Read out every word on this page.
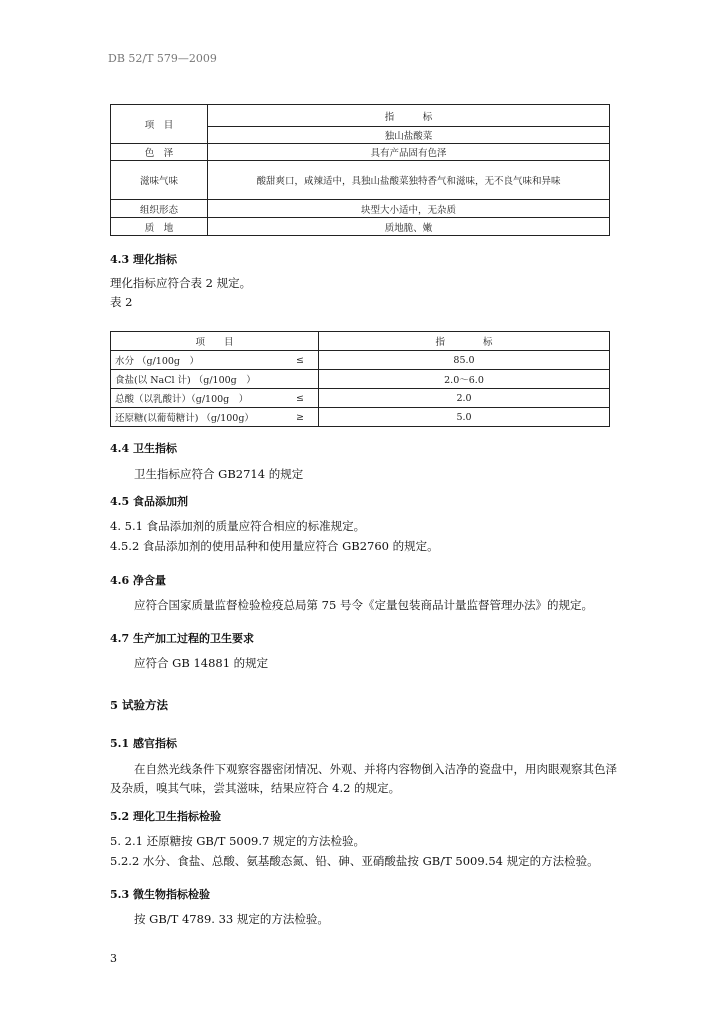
DB 52/T 579—2009
项　目	指　　　标
	独山盐酸菜
色　泽	具有产品固有色泽
滋味气味	酸甜爽口，咸辣适中，具独山盐酸菜独特香气和滋味，无不良气味和异味
组织形态	块型大小适中，无杂质
质　地	质地脆、嫩
4.3 理化指标
理化指标应符合表 2 规定。
表 2
项　　目		指　　　　标
水分 （g/100g　）	≤	85.0
食盐(以 NaCl 计) （g/100g　）		2.0～6.0
总酸（以乳酸计）（g/100g　）	≤	2.0
还原糖(以葡萄糖计) （g/100g）	≥	5.0
4.4 卫生指标
卫生指标应符合 GB2714 的规定
4.5 食品添加剂
4. 5.1 食品添加剂的质量应符合相应的标准规定。
4.5.2 食品添加剂的使用品种和使用量应符合 GB2760 的规定。
4.6 净含量
应符合国家质量监督检验检疫总局第 75 号令《定量包装商品计量监督管理办法》的规定。
4.7 生产加工过程的卫生要求
应符合 GB 14881 的规定
5 试验方法
5.1 感官指标
在自然光线条件下观察容器密闭情况、外观、并将内容物倒入洁净的瓷盘中，用肉眼观察其色泽及杂质，嗅其气味，尝其滋味，结果应符合 4.2 的规定。
5.2 理化卫生指标检验
5. 2.1 还原糖按 GB/T 5009.7 规定的方法检验。
5.2.2 水分、食盐、总酸、氨基酸态氮、铅、砷、亚硝酸盐按 GB/T 5009.54 规定的方法检验。
5.3 微生物指标检验
按 GB/T 4789. 33 规定的方法检验。
3
